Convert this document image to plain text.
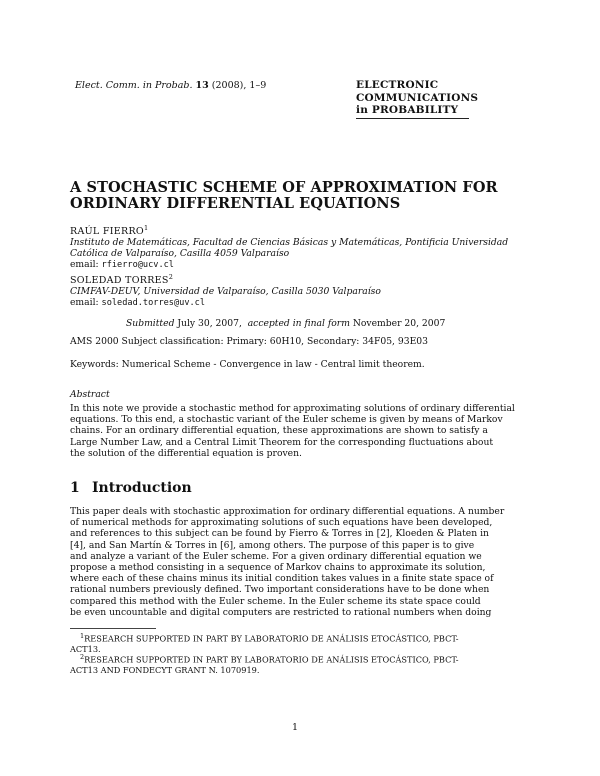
Elect. Comm. in Probab. 13 (2008), 1–9	ELECTRONIC
COMMUNICATIONS
in PROBABILITY
A STOCHASTIC SCHEME OF APPROXIMATION FOR
ORDINARY DIFFERENTIAL EQUATIONS
RAÚL FIERRO$^1$
Instituto de Matemáticas, Facultad de Ciencias Básicas y Matemáticas, Pontificia Universidad
Católica de Valparaíso, Casilla 4059 Valparaíso
email: rfierro@ucv.cl
SOLEDAD TORRES$^2$
CIMFAV-DEUV, Universidad de Valparaíso, Casilla 5030 Valparaíso
email: soledad.torres@uv.cl
Submitted July 30, 2007, accepted in final form November 20, 2007
AMS 2000 Subject classification: Primary: 60H10, Secondary: 34F05, 93E03
Keywords: Numerical Scheme - Convergence in law - Central limit theorem.
Abstract
In this note we provide a stochastic method for approximating solutions of ordinary differential
equations. To this end, a stochastic variant of the Euler scheme is given by means of Markov
chains. For an ordinary differential equation, these approximations are shown to satisfy a
Large Number Law, and a Central Limit Theorem for the corresponding fluctuations about
the solution of the differential equation is proven.
1 Introduction
This paper deals with stochastic approximation for ordinary differential equations. A number
of numerical methods for approximating solutions of such equations have been developed,
and references to this subject can be found by Fierro & Torres in [2], Kloeden & Platen in
[4], and San Martín & Torres in [6], among others. The purpose of this paper is to give
and analyze a variant of the Euler scheme. For a given ordinary differential equation we
propose a method consisting in a sequence of Markov chains to approximate its solution,
where each of these chains minus its initial condition takes values in a finite state space of
rational numbers previously defined. Two important considerations have to be done when
compared this method with the Euler scheme. In the Euler scheme its state space could
be even uncountable and digital computers are restricted to rational numbers when doing
$^1$RESEARCH SUPPORTED IN PART BY LABORATORIO DE ANÁLISIS ETOCÁSTICO, PBCT-
ACT13.
$^2$RESEARCH SUPPORTED IN PART BY LABORATORIO DE ANÁLISIS ETOCÁSTICO, PBCT-
ACT13 AND FONDECYT GRANT N. 1070919.
1
